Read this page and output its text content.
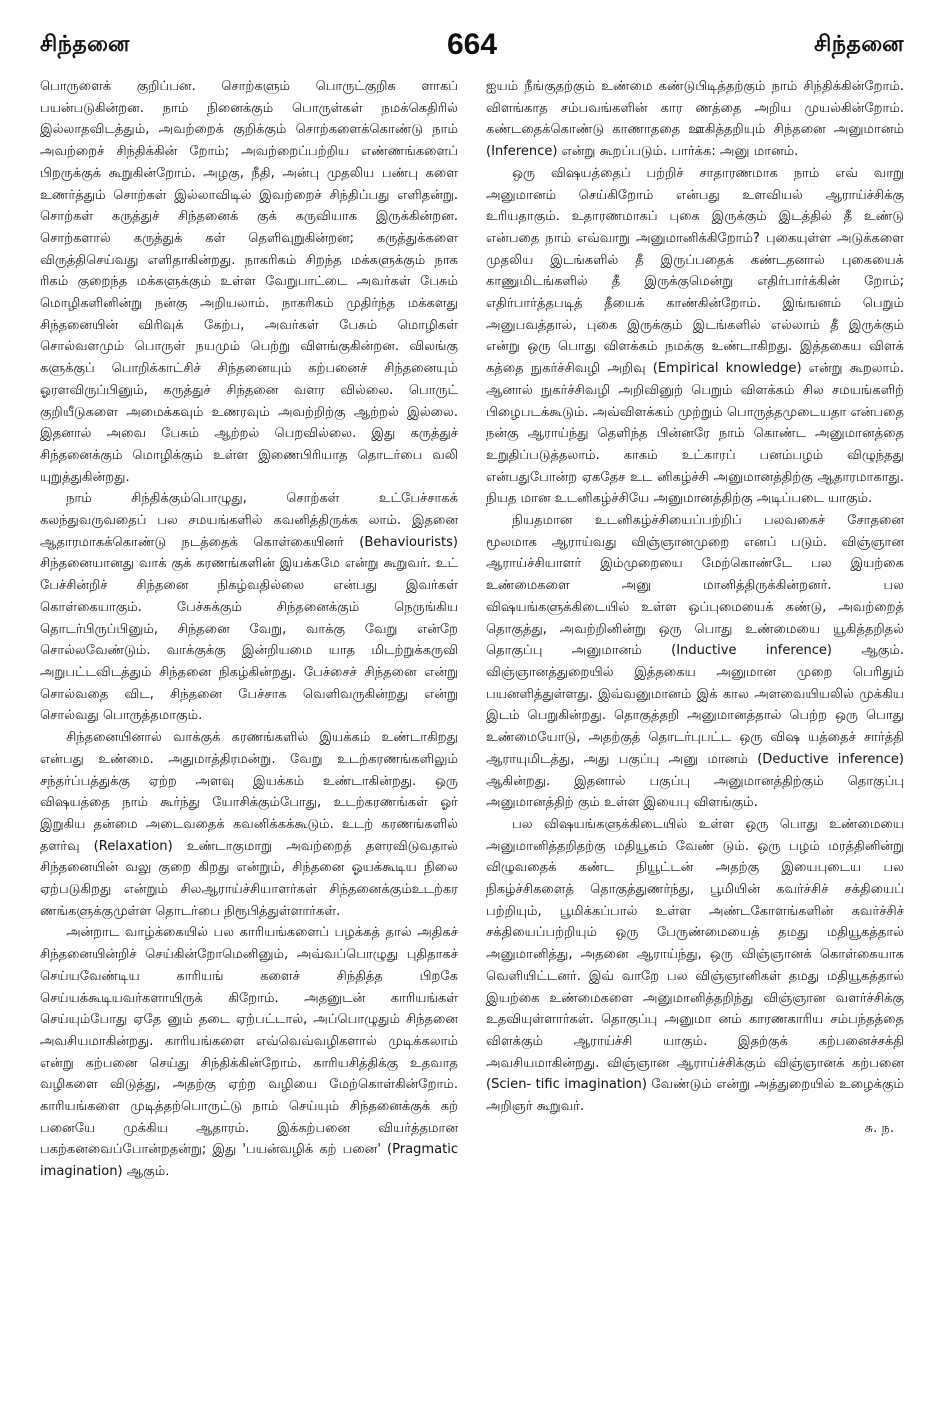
சிந்தனை	664	சிந்தனை

பொருளைக் குறிப்பன. சொற்களும் பொருட்குறிக ளாகப் பயன்படுகின்றன. நாம் நினைக்கும் பொருள்கள் நமக்கெதிரில் இல்லாதவிடத்தும், அவற்றைக் குறிக்கும் சொற்களைக்கொண்டு நாம் அவற்றைச் சிந்திக்கின் றோம்; அவற்றைப்பற்றிய எண்ணங்களைப் பிறருக்குக் கூறுகின்றோம். அழகு, நீதி, அன்பு முதலிய பண்பு களை உணர்த்தும் சொற்கள் இல்லாவிடில் இவற்றைச் சிந்திப்பது எளிதன்று. சொற்கள் கருத்துச் சிந்தனைக் குக் கருவியாக இருக்கின்றன. சொற்களால் கருத்துக் கள் தெளிவுறுகின்றன; கருத்துக்களை விருத்திசெய்வது எளிதாகின்றது. நாகரிகம் சிறந்த மக்களுக்கும் நாக ரிகம் குறைந்த மக்களுக்கும் உள்ள வேறுபாட்டை அவர்கள் பேசும் மொழிகளினின்று நன்கு அறியலாம். நாகரிகம் முதிர்ந்த மக்களது சிந்தனையின் விரிவுக் கேற்ப, அவர்கள் பேசும் மொழிகள் சொல்வளமும் பொருள் நயமும் பெற்று விளங்குகின்றன. விலங்கு களுக்குப் பொறிக்காட்சிச் சிந்தனையும் கற்பனைச் சிந்தனையும் ஓரளவிருப்பினும், கருத்துச் சிந்தனை வளர வில்லை. பொருட் குறியீடுகளை அமைக்கவும் உணரவும் அவற்றிற்கு ஆற்றல் இல்லை. இதனால் அவை பேசும் ஆற்றல் பெறவில்லை. இது கருத்துச் சிந்தனைக்கும் மொழிக்கும் உள்ள இணைபிரியாத தொடர்பை வலி யுறுத்துகின்றது.

நாம் சிந்திக்கும்பொழுது, சொற்கள் உட்பேச்சாகக் கலந்துவருவதைப் பல சமயங்களில் கவனித்திருக்க லாம். இதனை ஆதாரமாகக்கொண்டு நடத்தைக் கொள்கையினர் (Behaviourists) சிந்தனையானது வாக் குக் கரணங்களின் இயக்கமே என்று கூறுவர். உட் பேச்சின்றிச் சிந்தனை நிகழ்வதில்லை என்பது இவர்கள் கொள்கையாகும். பேச்சுக்கும் சிந்தனைக்கும் நெருங்கிய தொடர்பிருப்பினும், சிந்தனை வேறு, வாக்கு வேறு என்றே சொல்லவேண்டும். வாக்குக்கு இன்றியமை யாத மிடற்றுக்கருவி அறுபட்டவிடத்தும் சிந்தனை நிகழ்கின்றது. பேச்சைச் சிந்தனை என்று சொல்வதை விட, சிந்தனை பேச்சாக வெளிவருகின்றது என்று சொல்வது பொருத்தமாகும்.

சிந்தனையினால் வாக்குக் கரணங்களில் இயக்கம் உண்டாகிறது என்பது உண்மை. அதுமாத்திரமன்று. வேறு உடற்கரணங்களிலும் சந்தர்ப்பத்துக்கு ஏற்ற அளவு இயக்கம் உண்டாகின்றது. ஒரு விஷயத்தை நாம் கூர்ந்து யோசிக்கும்போது, உடற்கரணங்கள் ஓர் இறுகிய தன்மை அடைவதைக் கவனிக்கக்கூடும். உடற் கரணங்களில் தளர்வு (Relaxation) உண்டாகுமாறு அவற்றைத் தளரவிடுவதால் சிந்தனையின் வலு குறை கிறது என்றும், சிந்தனை ஓயக்கூடிய நிலை ஏற்படுகிறது என்றும் சிலஆராய்ச்சியாளர்கள் சிந்தனைக்கும்உடற்கர ணங்களுக்குமுள்ள தொடர்பை நிரூபித்துள்ளார்கள்.

அன்றாட வாழ்க்கையில் பல காரியங்களைப் பழக்கத் தால் அதிகச் சிந்தனையின்றிச் செய்கின்றோமெனினும், அவ்வப்பொழுது புதிதாகச் செய்யவேண்டிய காரியங் களைச் சிந்தித்த பிறகே செய்யக்கூடியவர்களாயிருக் கிறோம். அதனுடன் காரியங்கள் செய்யும்போது ஏதே னும் தடை ஏற்பட்டால், அப்பொழுதும் சிந்தனை அவசியமாகின்றது. காரியங்களை எவ்வெவ்வழிகளால் முடிக்கலாம் என்று கற்பனை செய்து சிந்திக்கின்றோம். காரியசித்திக்கு உதவாத வழிகளை விடுத்து, அதற்கு ஏற்ற வழியை மேற்கொள்கின்றோம். காரியங்களை முடித்தற்பொருட்டு நாம் செய்யும் சிந்தனைக்குக் கற் பனையே முக்கிய ஆதாரம். இக்கற்பனை வியர்த்தமான பகற்கனவைப்போன்றதன்று; இது 'பயன்வழிக் கற் பனை' (Pragmatic imagination) ஆகும்.

ஐயம் நீங்குதற்கும் உண்மை கண்டுபிடித்தற்கும் நாம் சிந்திக்கின்றோம். விளங்காத சம்பவங்களின் கார ணத்தை அறிய முயல்கின்றோம். கண்டதைக்கொண்டு காணாததை ஊகித்தறியும் சிந்தனை அனுமானம் (Inference) என்று கூறப்படும். பார்க்க: அனு மானம்.

ஒரு விஷயத்தைப் பற்றிச் சாதாரணமாக நாம் எவ் வாறு அனுமானம் செய்கிறோம் என்பது உளவியல் ஆராய்ச்சிக்கு உரியதாகும். உதாரணமாகப் புகை இருக்கும் இடத்தில் தீ உண்டு என்பதை நாம் எவ்வாறு அனுமானிக்கிறோம்? புகையுள்ள அடுக்களை முதலிய இடங்களில் தீ இருப்பதைக் கண்டதனால் புகையைக் காணுமிடங்களில் தீ இருக்குமென்று எதிர்பார்க்கின் றோம்; எதிர்பார்த்தபடித் தீயைக் காண்கின்றோம். இங்ஙனம் பெறும் அனுபவத்தால், புகை இருக்கும் இடங்களில் எல்லாம் தீ இருக்கும் என்று ஒரு பொது விளக்கம் நமக்கு உண்டாகிறது. இத்தகைய விளக் கத்தை நுகர்ச்சிவழி அறிவு (Empirical knowledge) என்று கூறலாம். ஆனால் நுகர்ச்சிவழி அறிவினுற் பெறும் விளக்கம் சில சமயங்களிற் பிழைபடக்கூடும். அவ்விளக்கம் முற்றும் பொருத்தமுடையதா என்பதை நன்கு ஆராய்ந்து தெளிந்த பின்னரே நாம் கொண்ட அனுமானத்தை உறுதிப்படுத்தலாம். காகம் உட்காரப் பனம்பழம் விழுந்தது என்பதுபோன்ற ஏகதேச உட னிகழ்ச்சி அனுமானத்திற்கு ஆதாரமாகாது. நியத மான உடனிகழ்ச்சியே அனுமானத்திற்கு அடிப்படை யாகும்.

நியதமான உடனிகழ்ச்சியைப்பற்றிப் பலவகைச் சோதனை மூலமாக ஆராய்வது விஞ்ஞானமுறை எனப் படும். விஞ்ஞான ஆராய்ச்சியாளர் இம்முறையை மேற்கொண்டே பல இயற்கை உண்மைகளை அனு மானித்திருக்கின்றனர். பல விஷயங்களுக்கிடையில் உள்ள ஒப்புமையைக் கண்டு, அவற்றைத் தொகுத்து, அவற்றினின்று ஒரு பொது உண்மையை யூகித்தறிதல் தொகுப்பு அனுமானம் (Inductive inference) ஆகும். விஞ்ஞானத்துறையில் இத்தகைய அனுமான முறை பெரிதும் பயனளித்துள்ளது. இவ்வனுமானம் இக் கால அளவையியலில் முக்கிய இடம் பெறுகின்றது. தொகுத்தறி அனுமானத்தால் பெற்ற ஒரு பொது உண்மையோடு, அதற்குத் தொடர்புபட்ட ஒரு விஷ யத்தைச் சார்த்தி ஆராயுமிடத்து, அது பகுப்பு அனு மானம் (Deductive inference) ஆகின்றது. இதனால் பகுப்பு அனுமானத்திற்கும் தொகுப்பு அனுமானத்திற் கும் உள்ள இயைபு விளங்கும்.

பல விஷயங்களுக்கிடையில் உள்ள ஒரு பொது உண்மையை அனுமானித்தறிதற்கு மதியூகம் வேண் டும். ஒரு பழம் மரத்தினின்று விழுவதைக் கண்ட நியூட்டன் அதற்கு இயைபுடைய பல நிகழ்ச்சிகளைத் தொகுத்துணர்ந்து, பூமியின் கவர்ச்சிச் சக்தியைப் பற்றியும், பூமிக்கப்பால் உள்ள அண்டகோளங்களின் கவர்ச்சிச் சக்தியைப்பற்றியும் ஒரு பேருண்மையைத் தமது மதியூகத்தால் அனுமானித்து, அதனை ஆராய்ந்து, ஒரு விஞ்ஞானக் கொள்கையாக வெளியிட்டனர். இவ் வாறே பல விஞ்ஞானிகள் தமது மதியூகத்தால் இயற்கை உண்மைகளை அனுமானித்தறிந்து விஞ்ஞான வளர்ச்சிக்கு உதவியுள்ளார்கள். தொகுப்பு அனுமா னம் காரணகாரிய சம்பந்தத்தை விளக்கும் ஆராய்ச்சி யாகும். இதற்குக் கற்பனைச்சக்தி அவசியமாகின்றது. விஞ்ஞான ஆராய்ச்சிக்கும் விஞ்ஞானக் கற்பனை (Scien- tific imagination) வேண்டும் என்று அத்துறையில் உழைக்கும் அறிஞர் கூறுவர்.

சு. ந.
